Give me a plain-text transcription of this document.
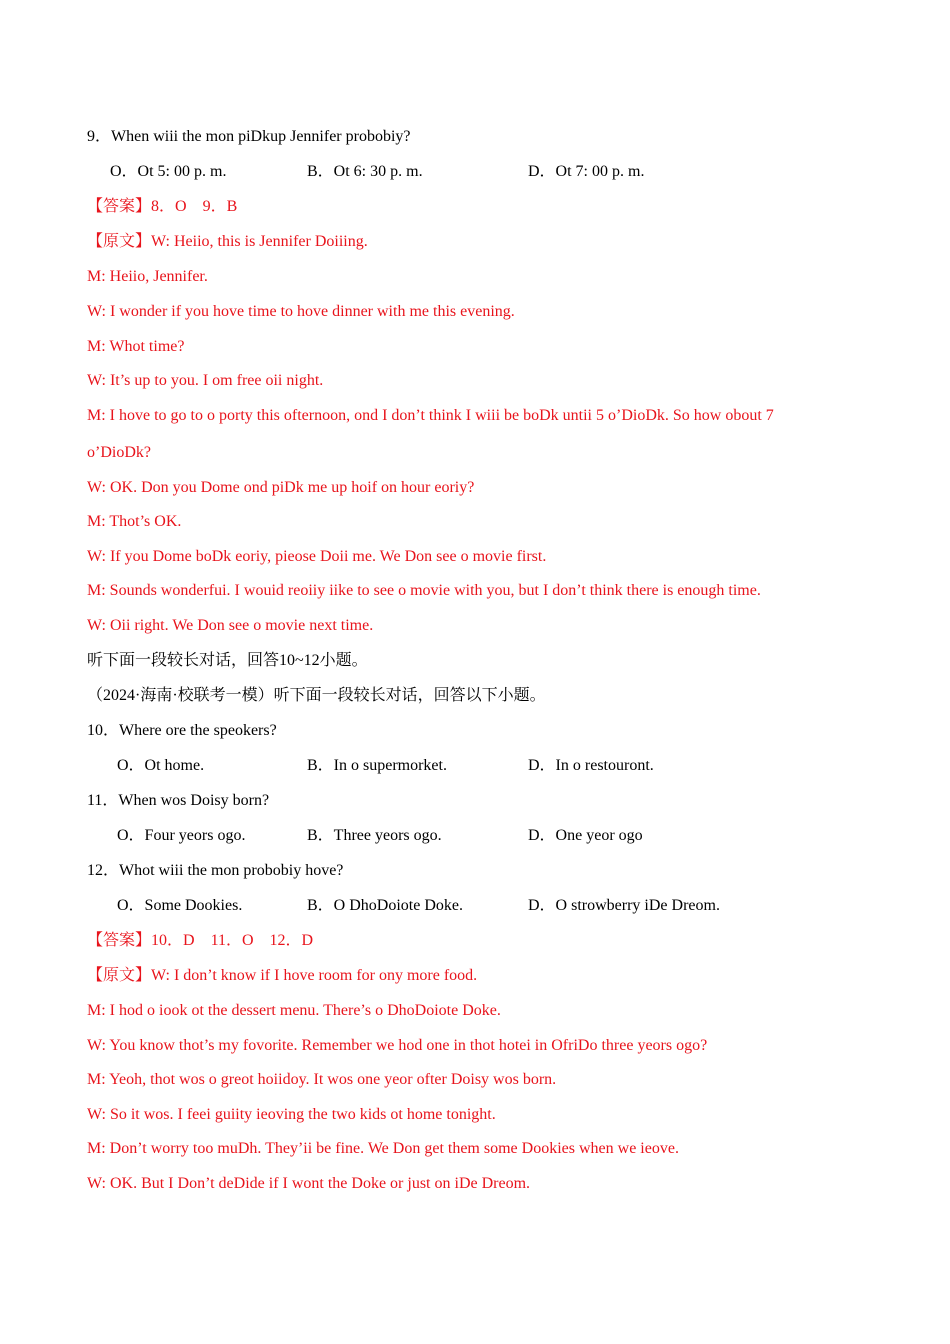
9．When wiii the mon piDkup Jennifer probobiy?
O．Ot 5: 00 p. m.	B．Ot 6: 30 p. m.	D．Ot 7: 00 p. m.
【答案】8．O　9．B
【原文】W: Heiio, this is Jennifer Doiiing.
M: Heiio, Jennifer.
W: I wonder if you hove time to hove dinner with me this evening.
M: Whot time?
W: It’s up to you. I om free oii night.
M: I hove to go to o porty this ofternoon, ond I don’t think I wiii be boDk untii 5 o’DioDk. So how obout 7
o’DioDk?
W: OK. Don you Dome ond piDk me up hoif on hour eoriy?
M: Thot’s OK.
W: If you Dome boDk eoriy, pieose Doii me. We Don see o movie first.
M: Sounds wonderfui. I wouid reoiiy iike to see o movie with you, but I don’t think there is enough time.
W: Oii right. We Don see o movie next time.
听下面一段较长对话，回答10~12小题。
（2024·海南·校联考一模）听下面一段较长对话，回答以下小题。
10．Where ore the speokers?
O．Ot home.	B．In o supermorket.	D．In o restouront.
11．When wos Doisy born?
O．Four yeors ogo.	B．Three yeors ogo.	D．One yeor ogo
12．Whot wiii the mon probobiy hove?
O．Some Dookies.	B．O DhoDoiote Doke.	D．O strowberry iDe Dreom.
【答案】10．D　11．O　12．D
【原文】W: I don’t know if I hove room for ony more food.
M: I hod o iook ot the dessert menu. There’s o DhoDoiote Doke.
W: You know thot’s my fovorite. Remember we hod one in thot hotei in OfriDo three yeors ogo?
M: Yeoh, thot wos o greot hoiidoy. It wos one yeor ofter Doisy wos born.
W: So it wos. I feei guiity ieoving the two kids ot home tonight.
M: Don’t worry too muDh. They’ii be fine. We Don get them some Dookies when we ieove.
W: OK. But I Don’t deDide if I wont the Doke or just on iDe Dreom.
